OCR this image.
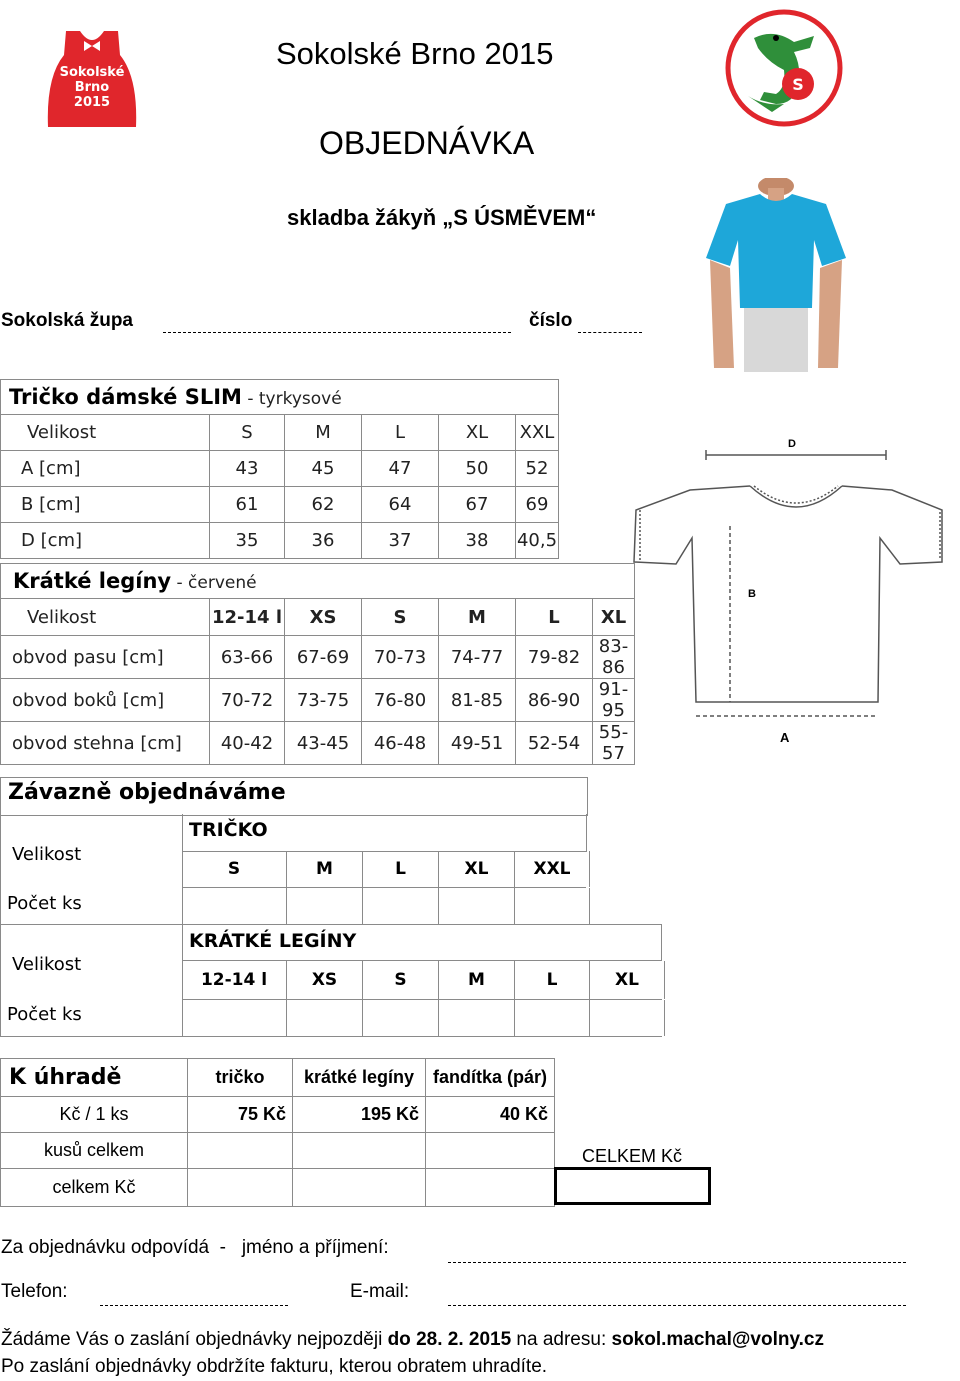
Sokolské
Brno
2015
S
Sokolské Brno 2015
OBJEDNÁVKA
skladba žákyň „S ÚSMĚVEM“
Sokolská župa	číslo
Tričko dámské SLIM - tyrkysové					
Velikost	S	M	L	XL	XXL
A [cm]	43	45	47	50	52
B [cm]	61	62	64	67	69
D [cm]	35	36	37	38	40,5
Krátké legíny - červené						
Velikost	12-14 l	XS	S	M	L	XL
obvod pasu [cm]	63-66	67-69	70-73	74-77	79-82	83-86
obvod boků [cm]	70-72	73-75	76-80	81-85	86-90	91-95
obvod stehna [cm]	40-42	43-45	46-48	49-51	52-54	55-57
D
B
A
Závazně objednáváme
TRIČKO
Velikost
S	M	L	XL	XXL
Počet ks
KRÁTKÉ LEGÍNY
Velikost
12-14 l	XS	S	M	L	XL
Počet ks
K úhradě	tričko	krátké legíny	fandítka (pár)
Kč / 1 ks	75 Kč	195 Kč	40 Kč
kusů celkem			
celkem Kč			
CELKEM Kč
Za objednávku odpovídá  -   jméno a příjmení:
Telefon:	E-mail:
Žádáme Vás o zaslání objednávky nejpozději do 28. 2. 2015 na adresu: sokol.machal@volny.cz
Po zaslání objednávky obdržíte fakturu, kterou obratem uhradíte.
